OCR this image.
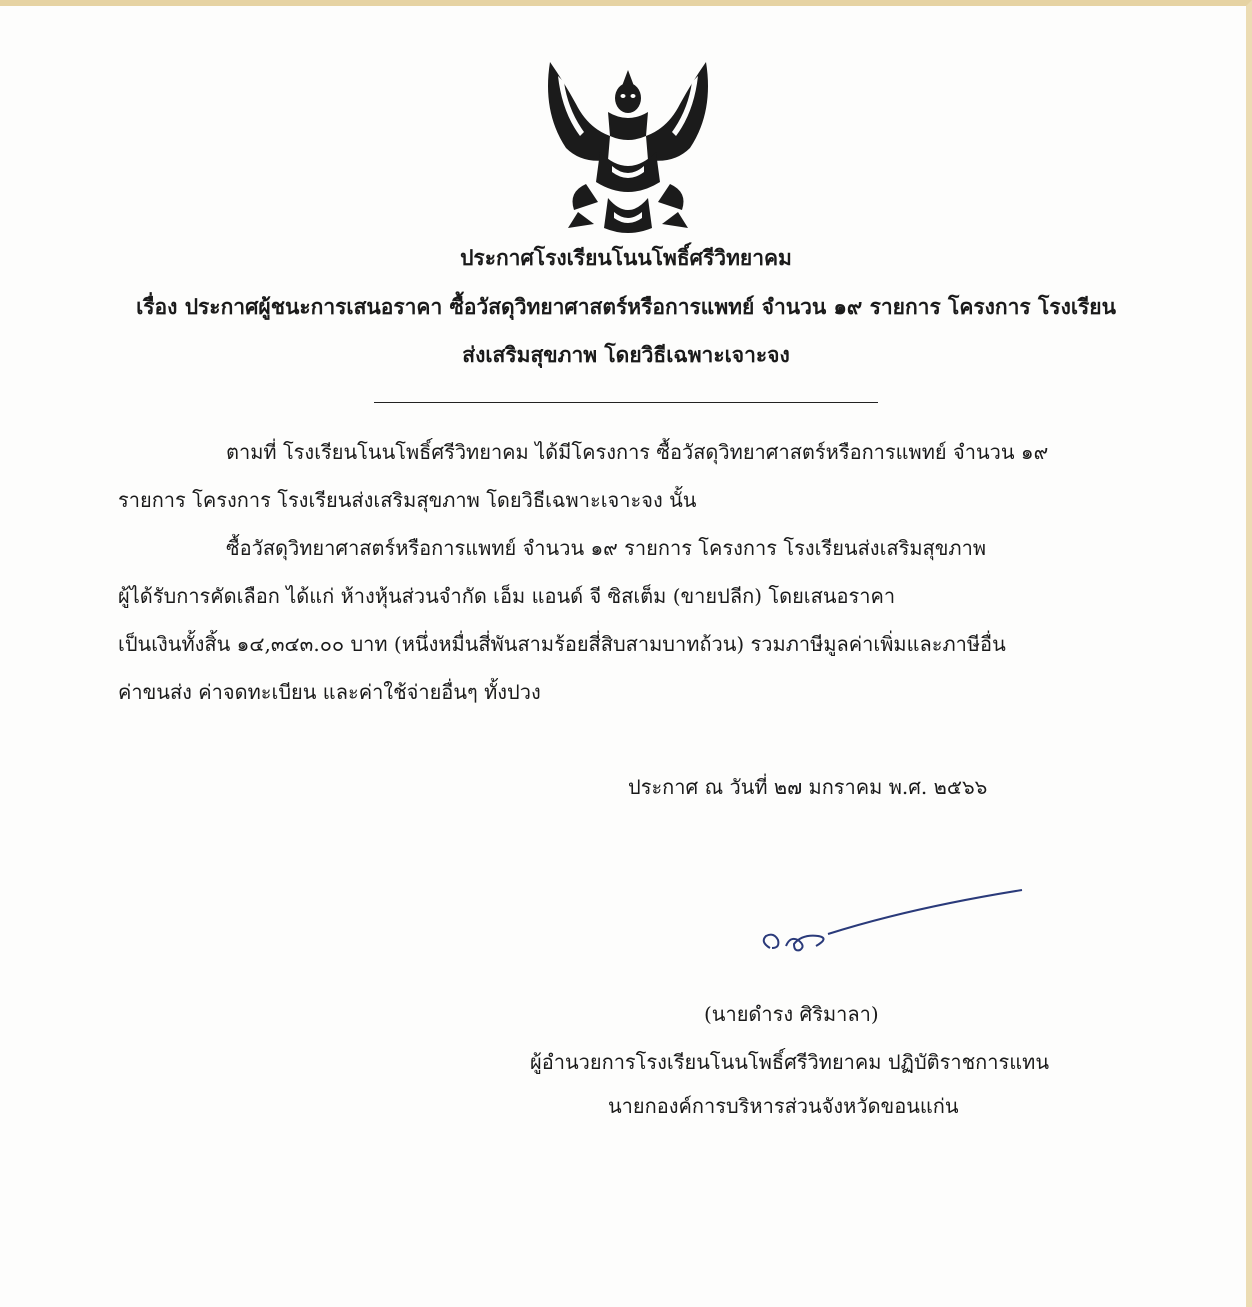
ประกาศโรงเรียนโนนโพธิ์ศรีวิทยาคม
เรื่อง ประกาศผู้ชนะการเสนอราคา ซื้อวัสดุวิทยาศาสตร์หรือการแพทย์ จำนวน ๑๙ รายการ โครงการ โรงเรียน
ส่งเสริมสุขภาพ โดยวิธีเฉพาะเจาะจง
ตามที่ โรงเรียนโนนโพธิ์ศรีวิทยาคม ได้มีโครงการ ซื้อวัสดุวิทยาศาสตร์หรือการแพทย์ จำนวน ๑๙
รายการ โครงการ โรงเรียนส่งเสริมสุขภาพ โดยวิธีเฉพาะเจาะจง นั้น
ซื้อวัสดุวิทยาศาสตร์หรือการแพทย์ จำนวน ๑๙ รายการ โครงการ โรงเรียนส่งเสริมสุขภาพ
ผู้ได้รับการคัดเลือก ได้แก่ ห้างหุ้นส่วนจำกัด เอ็ม แอนด์ จี ซิสเต็ม (ขายปลีก) โดยเสนอราคา
เป็นเงินทั้งสิ้น ๑๔,๓๔๓.๐๐ บาท (หนึ่งหมื่นสี่พันสามร้อยสี่สิบสามบาทถ้วน) รวมภาษีมูลค่าเพิ่มและภาษีอื่น
ค่าขนส่ง ค่าจดทะเบียน และค่าใช้จ่ายอื่นๆ ทั้งปวง
ประกาศ ณ วันที่ ๒๗ มกราคม พ.ศ. ๒๕๖๖
(นายดำรง ศิริมาลา)
ผู้อำนวยการโรงเรียนโนนโพธิ์ศรีวิทยาคม ปฏิบัติราชการแทน
นายกองค์การบริหารส่วนจังหวัดขอนแก่น
